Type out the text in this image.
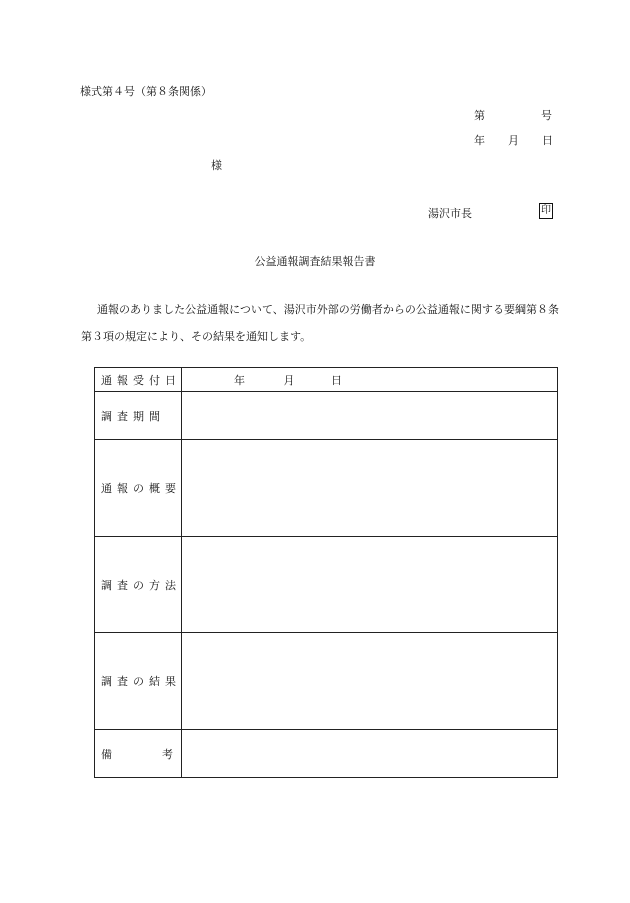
様式第４号（第８条関係）
第	号
年 月 日
様
湯沢市長	印
公益通報調査結果報告書
通報のありました公益通報について、湯沢市外部の労働者からの公益通報に関する要綱第８条第３項の規定により、その結果を通知します。
通報受付日	年 月 日
調査期間	
通報の概要	
調査の方法	
調査の結果	

備 考	
